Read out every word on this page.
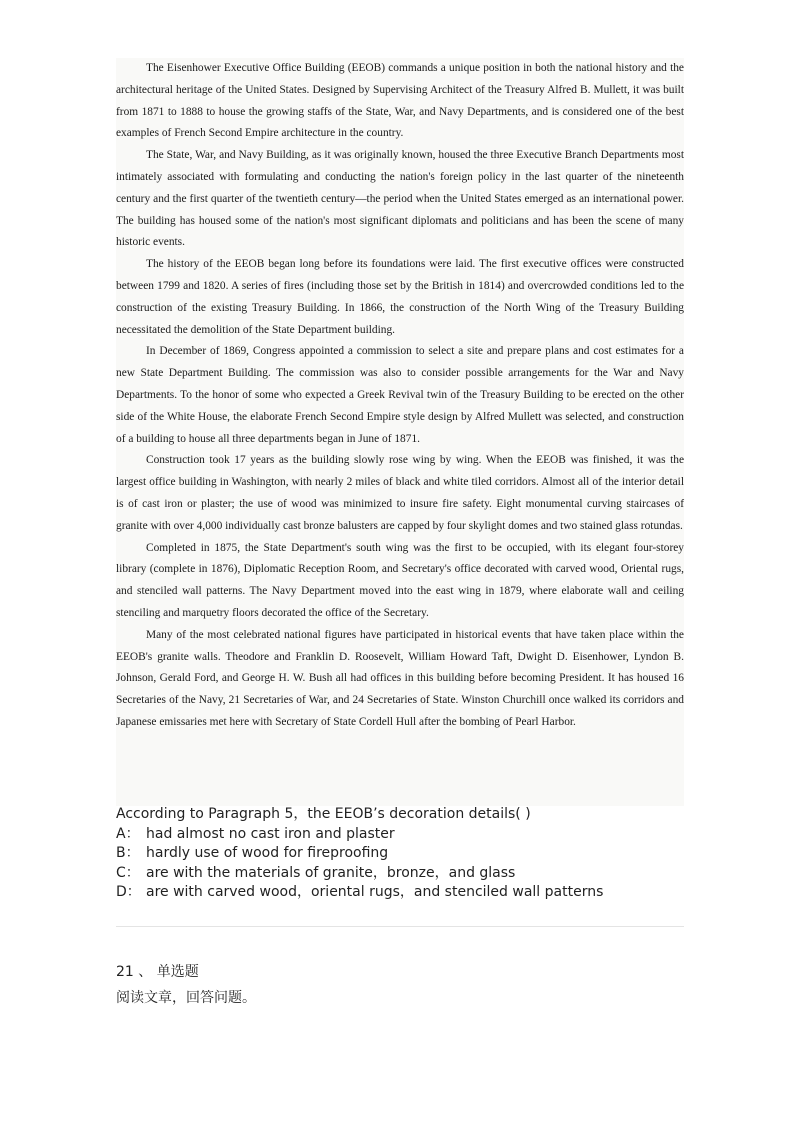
The Eisenhower Executive Office Building (EEOB) commands a unique position in both the national history and the architectural heritage of the United States. Designed by Supervising Architect of the Treasury Alfred B. Mullett, it was built from 1871 to 1888 to house the growing staffs of the State, War, and Navy Departments, and is considered one of the best examples of French Second Empire architecture in the country.

The State, War, and Navy Building, as it was originally known, housed the three Executive Branch Departments most intimately associated with formulating and conducting the nation's foreign policy in the last quarter of the nineteenth century and the first quarter of the twentieth century—the period when the United States emerged as an international power. The building has housed some of the nation's most significant diplomats and politicians and has been the scene of many historic events.

The history of the EEOB began long before its foundations were laid. The first executive offices were constructed between 1799 and 1820. A series of fires (including those set by the British in 1814) and overcrowded conditions led to the construction of the existing Treasury Building. In 1866, the construction of the North Wing of the Treasury Building necessitated the demolition of the State Department building.

In December of 1869, Congress appointed a commission to select a site and prepare plans and cost estimates for a new State Department Building. The commission was also to consider possible arrangements for the War and Navy Departments. To the honor of some who expected a Greek Revival twin of the Treasury Building to be erected on the other side of the White House, the elaborate French Second Empire style design by Alfred Mullett was selected, and construction of a building to house all three departments began in June of 1871.

Construction took 17 years as the building slowly rose wing by wing. When the EEOB was finished, it was the largest office building in Washington, with nearly 2 miles of black and white tiled corridors. Almost all of the interior detail is of cast iron or plaster; the use of wood was minimized to insure fire safety. Eight monumental curving staircases of granite with over 4,000 individually cast bronze balusters are capped by four skylight domes and two stained glass rotundas.

Completed in 1875, the State Department's south wing was the first to be occupied, with its elegant four-storey library (complete in 1876), Diplomatic Reception Room, and Secretary's office decorated with carved wood, Oriental rugs, and stenciled wall patterns. The Navy Department moved into the east wing in 1879, where elaborate wall and ceiling stenciling and marquetry floors decorated the office of the Secretary.

Many of the most celebrated national figures have participated in historical events that have taken place within the EEOB's granite walls. Theodore and Franklin D. Roosevelt, William Howard Taft, Dwight D. Eisenhower, Lyndon B. Johnson, Gerald Ford, and George H. W. Bush all had offices in this building before becoming President. It has housed 16 Secretaries of the Navy, 21 Secretaries of War, and 24 Secretaries of State. Winston Churchill once walked its corridors and Japanese emissaries met here with Secretary of State Cordell Hull after the bombing of Pearl Harbor.

According to Paragraph 5，the EEOB’s decoration details( )
A： had almost no cast iron and plaster
B： hardly use of wood for fireproofing
C： are with the materials of granite，bronze，and glass
D： are with carved wood，oriental rugs，and stenciled wall patterns
21 、 单选题
阅读文章，回答问题。
